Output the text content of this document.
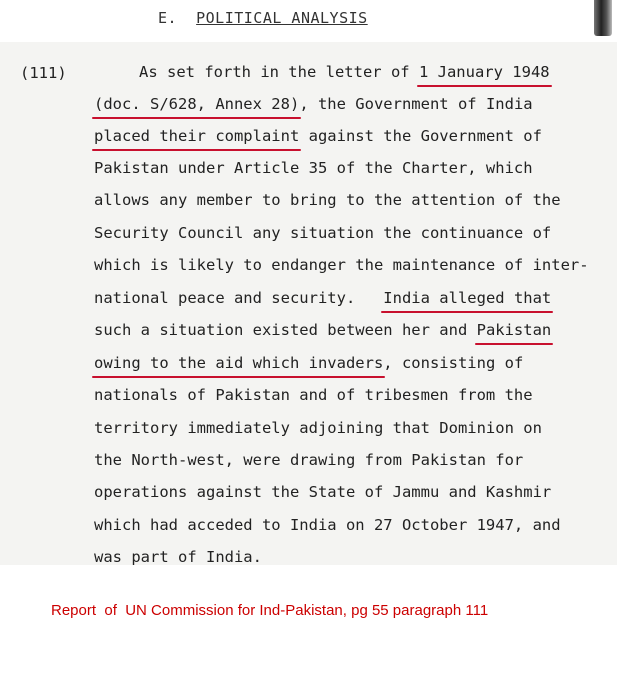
E.  POLITICAL ANALYSIS
(111)	As set forth in the letter of 1 January 1948
(doc. S/628, Annex 28), the Government of India
placed their complaint against the Government of
Pakistan under Article 35 of the Charter, which
allows any member to bring to the attention of the
Security Council any situation the continuance of
which is likely to endanger the maintenance of inter-
national peace and security.   India alleged that
such a situation existed between her and Pakistan
owing to the aid which invaders, consisting of
nationals of Pakistan and of tribesmen from the
territory immediately adjoining that Dominion on
the North-west, were drawing from Pakistan for
operations against the State of Jammu and Kashmir
which had acceded to India on 27 October 1947, and
was part of India.
Report  of  UN Commission for Ind-Pakistan, pg 55 paragraph 111
